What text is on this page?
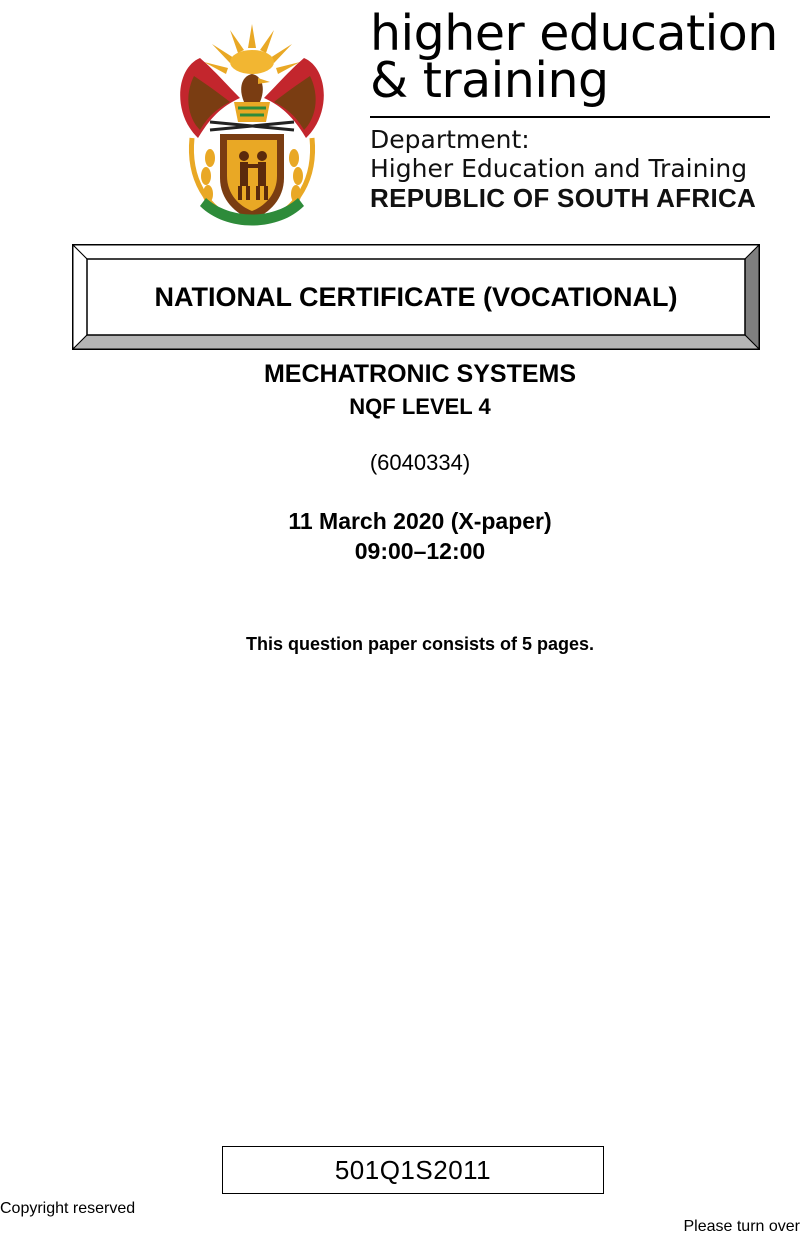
higher education
& training
Department:
Higher Education and Training
REPUBLIC OF SOUTH AFRICA
NATIONAL CERTIFICATE (VOCATIONAL)
MECHATRONIC SYSTEMS
NQF LEVEL 4
(6040334)
11 March 2020 (X-paper)
09:00–12:00
This question paper consists of 5 pages.
501Q1S2011
Copyright reserved
Please turn over
